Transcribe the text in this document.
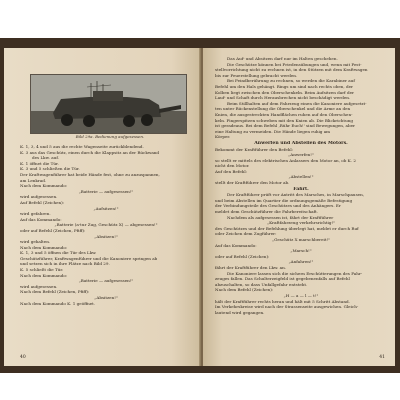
Bild 29a. Bedienung aufgesessen.
K. 1, 3, 4 und 5 aus die rechte Wagenseite zurückblendend.
K. 3 aus das Geschütz, einen durch die Klappsitz an der Rückwand
des Lkw. auf.
K. 1 öffnet die Tür.
K. 3 und 5 schließen die Tür.
Der Kraftwagenführer hat beide Hände fest, ohne zu anzuspannen,
am Lenkrad.
Nach dem Kommando:
„Batterie — aufgesessen!"
wird aufgesessen.
Auf Befehl (Zeichen):
„Aufsitzen!"
wird gefahren.
Auf das Kommando:
„Batterie (a-tur Zug, Geschütz X) — abgesessen!"
oder auf Befehl (Zeichen, Pfiff):
„Absitzen!"
wird gehalten.
Nach dem Kommando:
K. 1, 3 und 5 öffnen die Tür des Lkw.
Geschützführer, Kraftwagenführer und die Kanoniere springen ab
und setzen sich in ihre Plätze nach Bild 29.
K. 5 schließt die Tür.
Nach dem Kommando:
„Batterie — aufgesessen!"
wird aufgesessen.
Nach dem Befehl (Zeichen, Pfiff):
„Absitzen!"
Nach dem Kommando K. 1 geöffnet.
40
Das Auf- und Absitzen darf nur im Halten geschehen.
Die Geschütze können bei Friedensübungen und, wenn mit Fest-
stellvorrichtung nicht zu rechnen ist, in den Stützen mit dem Kraftwagen
bis zur Feuerstellung gebracht werden.
Bei Feindberührung zu rechnen, so werden die Karabiner auf
Befehl um den Hals gehängt. Rings um sind nach rechts oben, der
Kolben liegt zwischen den Oberschenkeln. Beim Aufsitzen darf der
Lauf- und Schaft durch Herausbrechen nicht beschädigt werden.
Beim Stillhalten auf dem Fahrzeug einen die Kanoniere aufgesetzt-
ten unter Rückenstellung die Oberschenkel und die Arme an den
Knien, die ausgestreckten Handflächen ruhen auf den Oberschen-
keln. Fingerspitzen schweben mit den Knien ab. Die Blickrichtung
ist geradeaus. Bei dem Befehl ‚Rühr Euch!' sind Bewegungen, aber
eine Haltung zu vermeiden. Die Hände liegen ruhig am
Körper.
Anwerfen und Abstellen des Motors.
Bekommt der Kraftführer den Befehl:
„Anwerfen!"
so stellt er mittels des elektrischen Anlassers den Motor an, ob K. 2
nicht den Motor.
Auf den Befehl:
„Abstellen!"
stellt der Kraftführer den Motor ab.
Fahrt.
Der Kraftführer prüft vor Antritt des Marsches, in Marschpausen,
und beim Abstellen im Quartier die ordnungsgemäße Befestigung
der Verbindungsteile des Geschützes und des Anhängers. Er
meldet dem Geschützführer die Fahrbereitschaft.
Nachdem als aufgesessen ist, fährt der Kraftführer
„Kraftfahrzeug verkehrsrichtig!"
des Geschützes und der Befehlung überlegt hat, meldet er durch Ruf
oder Zeichen dem Zugführer:
„Geschütz X marschbereit!"
Auf das Kommando:
„Marsch!"
oder auf Befehl (Zeichen):
„Anfahren!"
fährt der Kraftführer den Lkw. an.
Die Kanoniere lassen sich die sichern Erschütterungen des Fahr-
zeuges fallen. Das Schulterzeigfeld ist gegebenenfalls auf Befehl
abzuschalten, so dass Unfallgefahr entsteht.
Nach dem Befehl (Zeichen):
„H — a — l — t!"
hält der Kraftführer rechts heran und hält mit 5 Schritt Abstand.
Im Verkehrskreise wird nach der Strassenseite ausgewichen. Gleich-
lautend wird gegangen.
41
